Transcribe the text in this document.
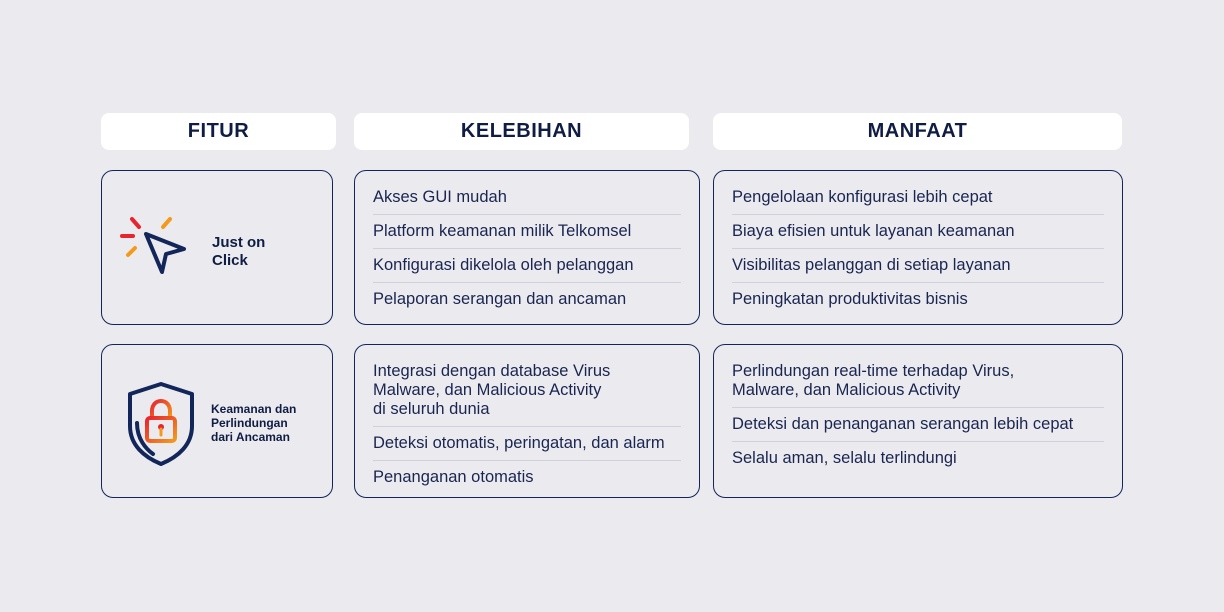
FITUR	KELEBIHAN	MANFAAT
Just on
Click
Akses GUI mudah
Platform keamanan milik Telkomsel
Konfigurasi dikelola oleh pelanggan
Pelaporan serangan dan ancaman
Pengelolaan konfigurasi lebih cepat
Biaya efisien untuk layanan keamanan
Visibilitas pelanggan di setiap layanan
Peningkatan produktivitas bisnis
Keamanan dan
Perlindungan
dari Ancaman
Integrasi dengan database Virus
Malware, dan Malicious Activity
di seluruh dunia
Deteksi otomatis, peringatan, dan alarm
Penanganan otomatis
Perlindungan real-time terhadap Virus,
Malware, dan Malicious Activity
Deteksi dan penanganan serangan lebih cepat
Selalu aman, selalu terlindungi
